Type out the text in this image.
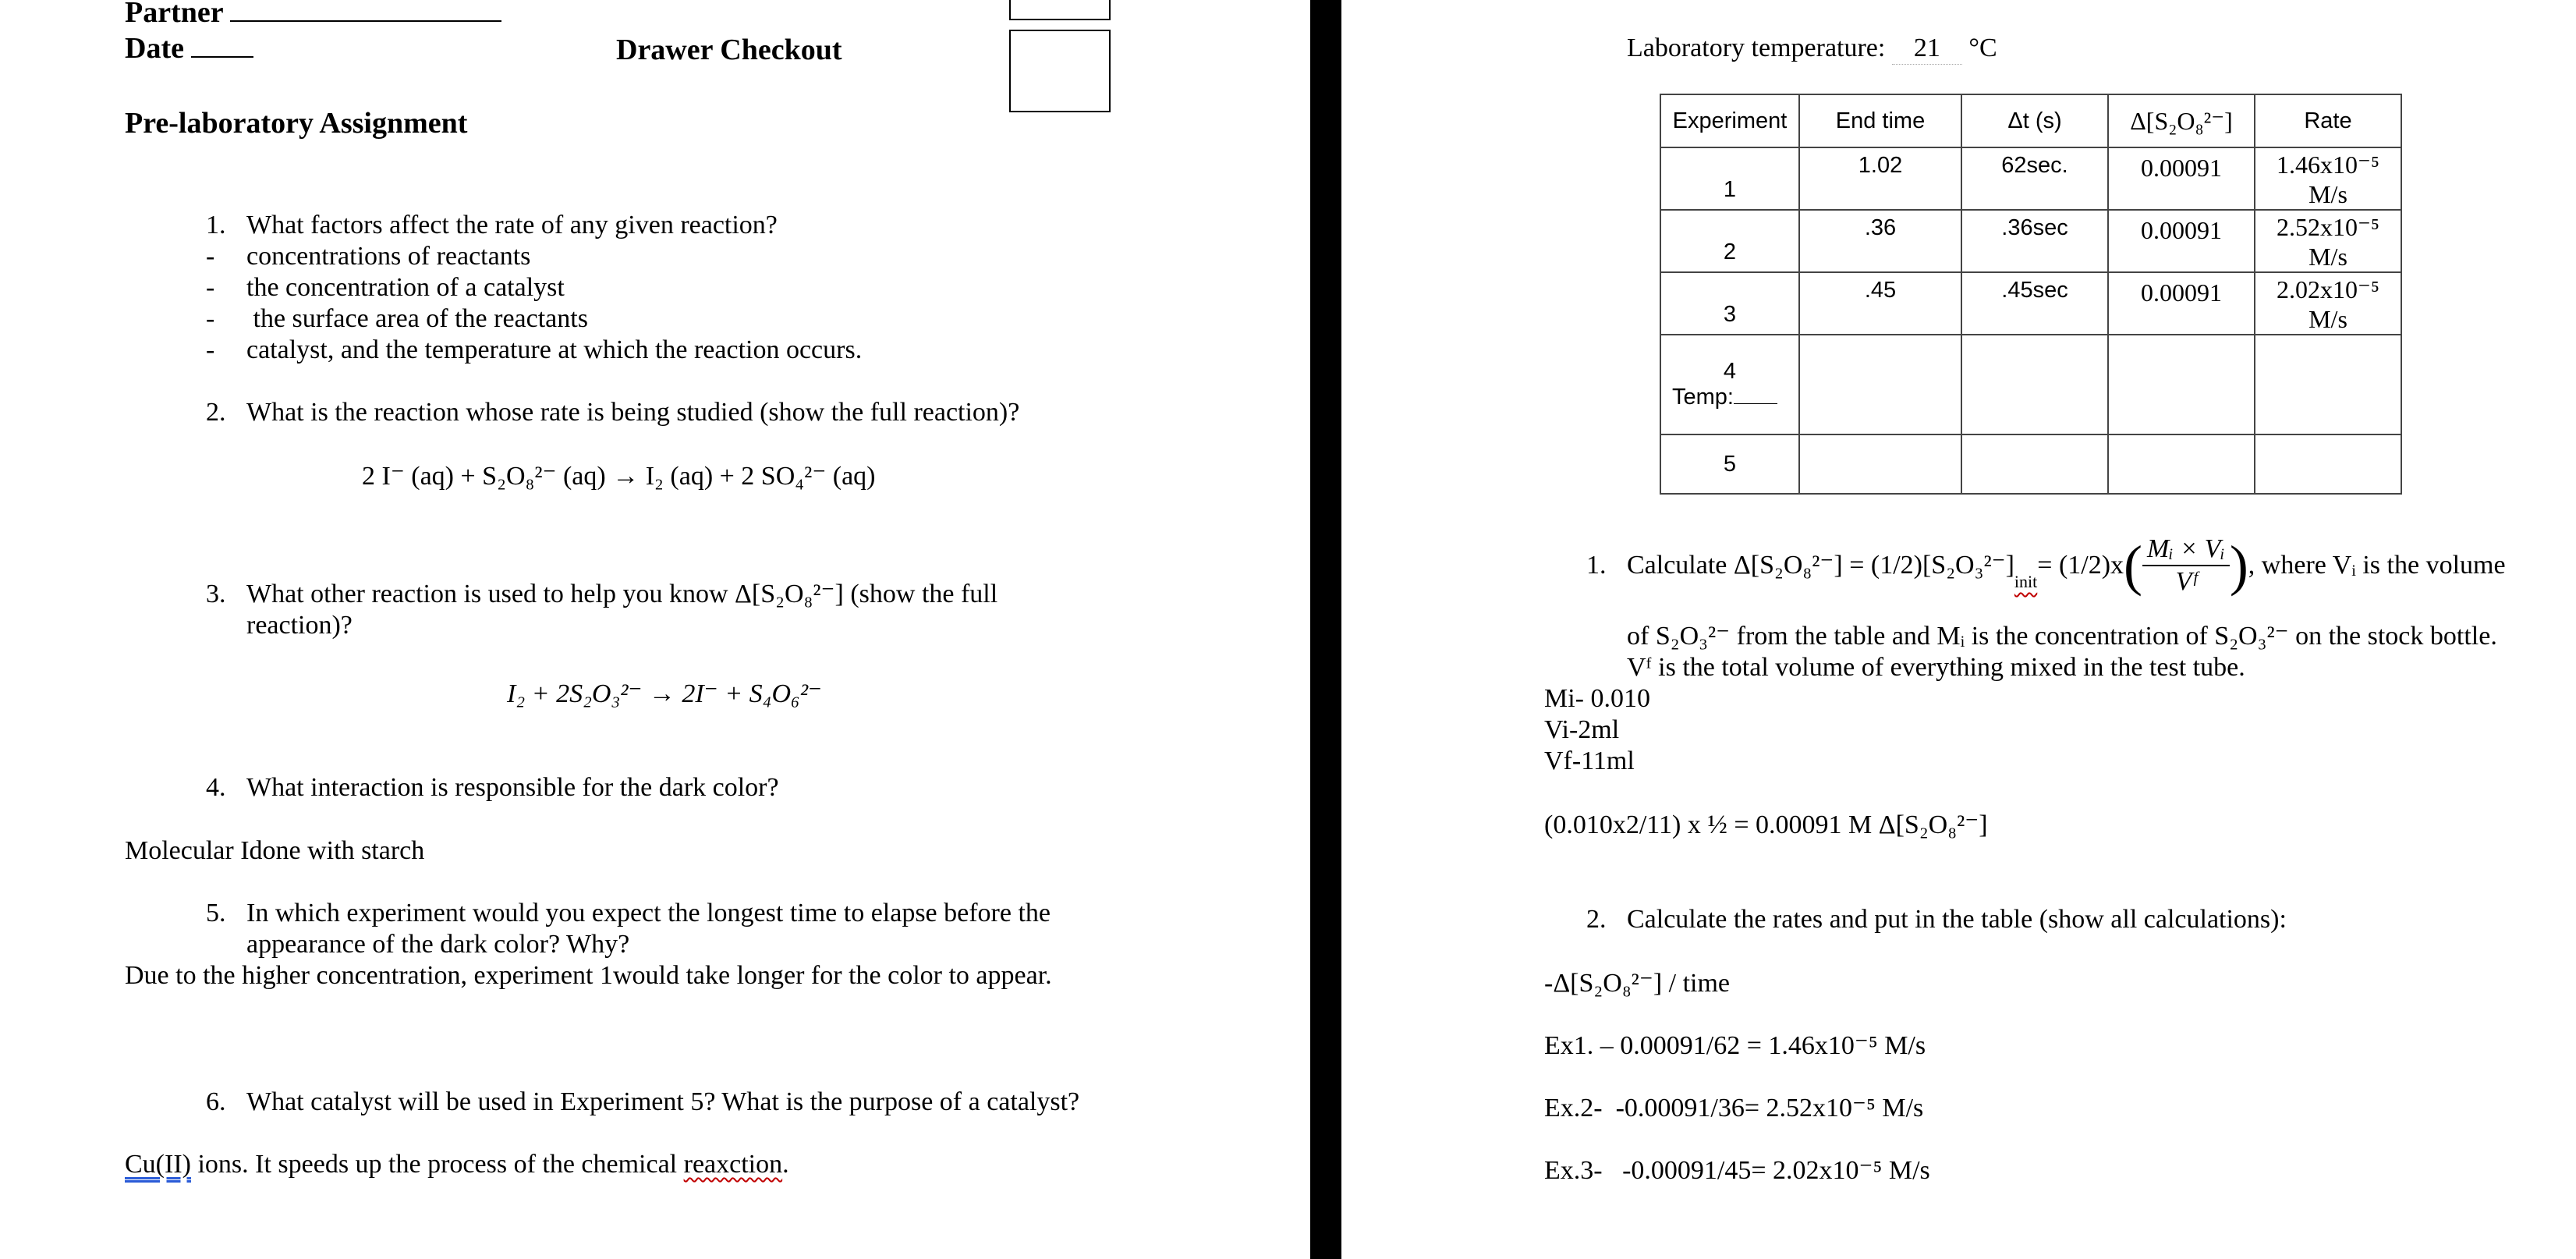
Partner
Date	Drawer Checkout
Pre-laboratory Assignment
1. What factors affect the rate of any given reaction?
- concentrations of reactants
- the concentration of a catalyst
- the surface area of the reactants
- catalyst, and the temperature at which the reaction occurs.
2. What is the reaction whose rate is being studied (show the full reaction)?
2 I⁻ (aq) + S₂O₈²⁻ (aq) → I₂ (aq) + 2 SO₄²⁻ (aq)
3. What other reaction is used to help you know Δ[S₂O₈²⁻] (show the full
reaction)?
I₂ + 2S₂O₃²⁻ → 2I⁻ + S₄O₆²⁻
4. What interaction is responsible for the dark color?
Molecular Idone with starch
5. In which experiment would you expect the longest time to elapse before the
appearance of the dark color? Why?
Due to the higher concentration, experiment 1would take longer for the color to appear.
6. What catalyst will be used in Experiment 5? What is the purpose of a catalyst?
Cu(II) ions. It speeds up the process of the chemical reaxction.
Laboratory temperature: 21 °C
Experiment	End time	Δt (s)	Δ[S₂O₈²⁻]	Rate

1	1.02	62sec.	0.00091	1.46x10⁻⁵ M/s

2	.36	.36sec	0.00091	2.52x10⁻⁵ M/s

3	.45	.45sec	0.00091	2.02x10⁻⁵ M/s

4
Temp:				

5				
1. Calculate Δ[S₂O₈²⁻] = (1/2)[S₂O₃²⁻]
init
= (1/2)x ( $\frac{\text{Mᵢ × Vᵢ}}{\text{Vᶠ}}$ ) , where Vᵢ is the volume
of S₂O₃²⁻ from the table and Mᵢ is the concentration of S₂O₃²⁻ on the stock bottle.
Vᶠ is the total volume of everything mixed in the test tube.
Mi- 0.010
Vi-2ml
Vf-11ml
(0.010x2/11) x ½ = 0.00091 M Δ[S₂O₈²⁻]
2. Calculate the rates and put in the table (show all calculations):
-Δ[S₂O₈²⁻] / time
Ex1. – 0.00091/62 = 1.46x10⁻⁵ M/s
Ex.2-  -0.00091/36= 2.52x10⁻⁵ M/s
Ex.3-   -0.00091/45= 2.02x10⁻⁵ M/s
